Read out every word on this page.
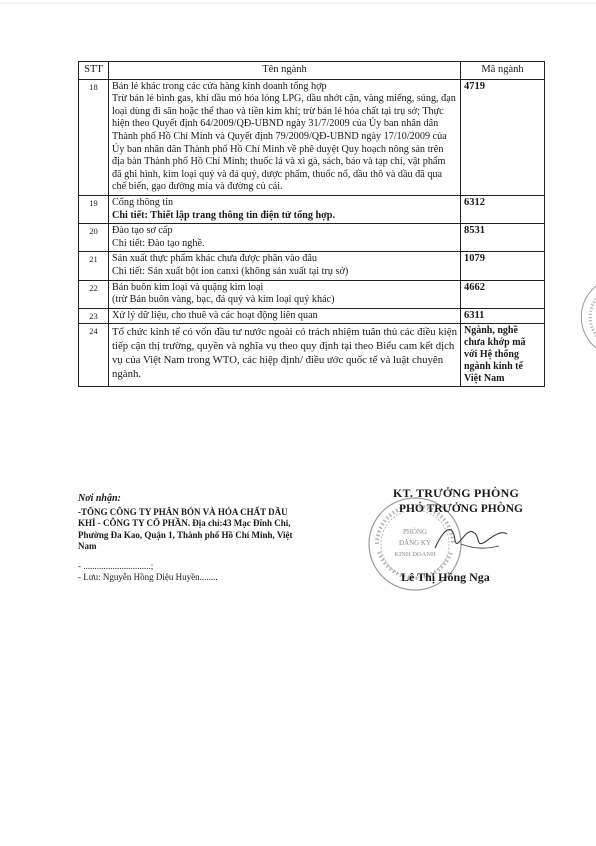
STT	Tên ngành	Mã ngành
18	Bán lẻ khác trong các cửa hàng kinh doanh tổng hợp
Trừ bán lẻ bình gas, khí dầu mỏ hóa lỏng LPG, dầu nhớt cặn, vàng miếng, súng, đạn loại dùng đi săn hoặc thể thao và tiền kim khí; trừ bán lẻ hóa chất tại trụ sở; Thực hiện theo Quyết định 64/2009/QĐ-UBND ngày 31/7/2009 của Ủy ban nhân dân Thành phố Hồ Chí Minh và Quyết định 79/2009/QĐ-UBND ngày 17/10/2009 của Ủy ban nhân dân Thành phố Hồ Chí Minh về phê duyệt Quy hoạch nông sản trên địa bàn Thành phố Hồ Chí Minh; thuốc lá và xì gà, sách, báo và tạp chí, vật phẩm đã ghi hình, kim loại quý và đá quý, dược phẩm, thuốc nổ, dầu thô và dầu đã qua chế biến, gạo đường mía và đường củ cải.	4719
19	Cổng thông tin
Chi tiết: Thiết lập trang thông tin điện tử tổng hợp.	6312
20	Đào tạo sơ cấp
Chi tiết: Đào tạo nghề.	8531
21	Sản xuất thực phẩm khác chưa được phân vào đâu
Chi tiết: Sản xuất bột ion canxi (không sản xuất tại trụ sở)	1079
22	Bán buôn kim loại và quặng kim loại
(trừ Bán buôn vàng, bạc, đá quý và kim loại quý khác)	4662
23	Xử lý dữ liệu, cho thuê và các hoạt động liên quan	6311
24	Tổ chức kinh tế có vốn đầu tư nước ngoài có trách nhiệm tuân thủ các điều kiện tiếp cận thị trường, quyền và nghĩa vụ theo quy định tại theo Biểu cam kết dịch vụ của Việt Nam trong WTO, các hiệp định/ điều ước quốc tế và luật chuyên ngành.	Ngành, nghề chưa khớp mã với Hệ thống ngành kinh tế Việt Nam
Nơi nhận:

-TỔNG CÔNG TY PHÂN BÓN VÀ HÓA CHẤT DẦU KHÍ - CÔNG TY CỔ PHẦN. Địa chỉ:43 Mạc Đĩnh Chi, Phường Đa Kao, Quận 1, Thành phố Hồ Chí Minh, Việt Nam

- ..............................;

- Lưu: Nguyễn Hồng Diệu Huyền........

PHÒNG
ĐĂNG KÝ
KINH DOANH
KT. TRƯỞNG PHÒNG
PHÓ TRƯỞNG PHÒNG
Lê Thị Hồng Nga
